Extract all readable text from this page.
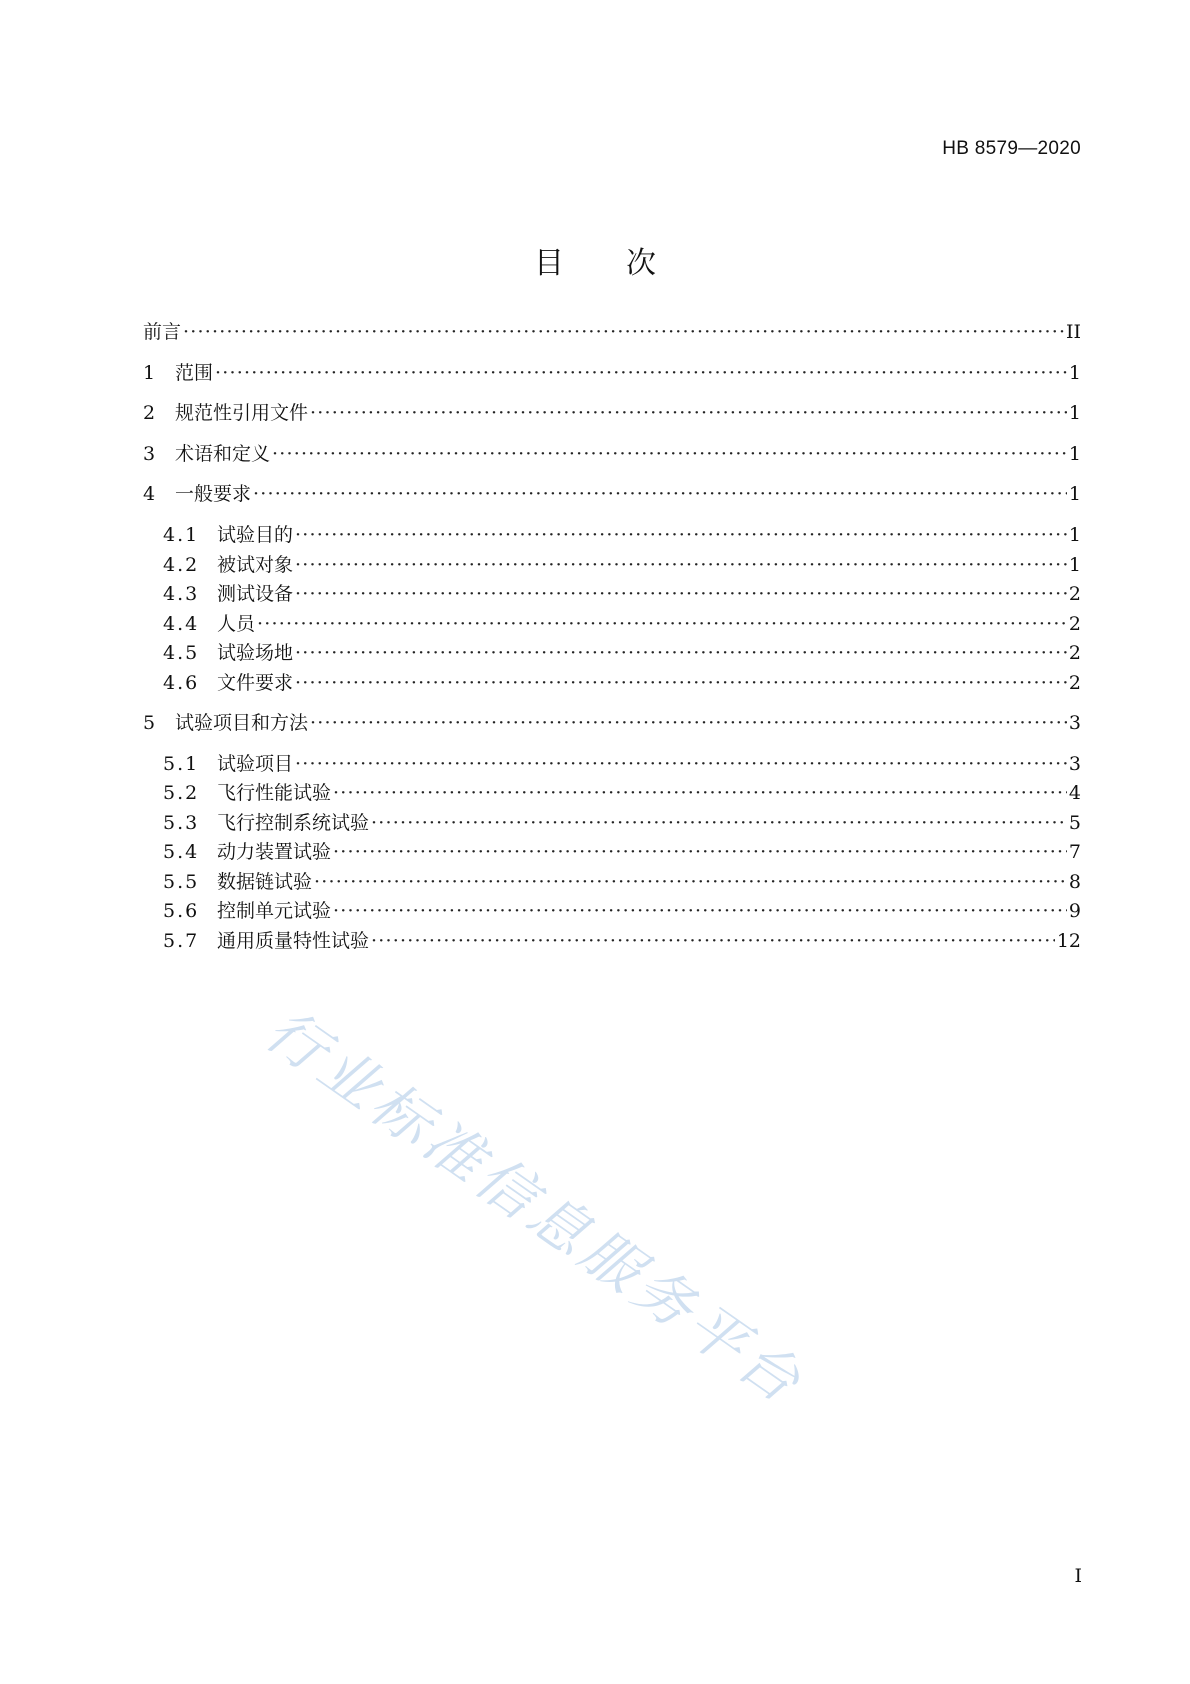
HB 8579—2020
目次
前言 ·····	II
1	范围 ·····	1
2	规范性引用文件 ·····	1
3	术语和定义 ·····	1
4	一般要求 ·····	1
4.1 试验目的 ·····	1
4.2 被试对象 ·····	1
4.3 测试设备 ·····	2
4.4 人员 ·····	2
4.5 试验场地 ·····	2
4.6 文件要求 ·····	2
5	试验项目和方法 ·····	3
5.1 试验项目 ·····	3
5.2 飞行性能试验 ·····	4
5.3 飞行控制系统试验 ·····	5
5.4 动力装置试验 ·····	7
5.5 数据链试验 ·····	8
5.6 控制单元试验 ·····	9
5.7 通用质量特性试验 ·····	12
行业标准信息服务平台
I
